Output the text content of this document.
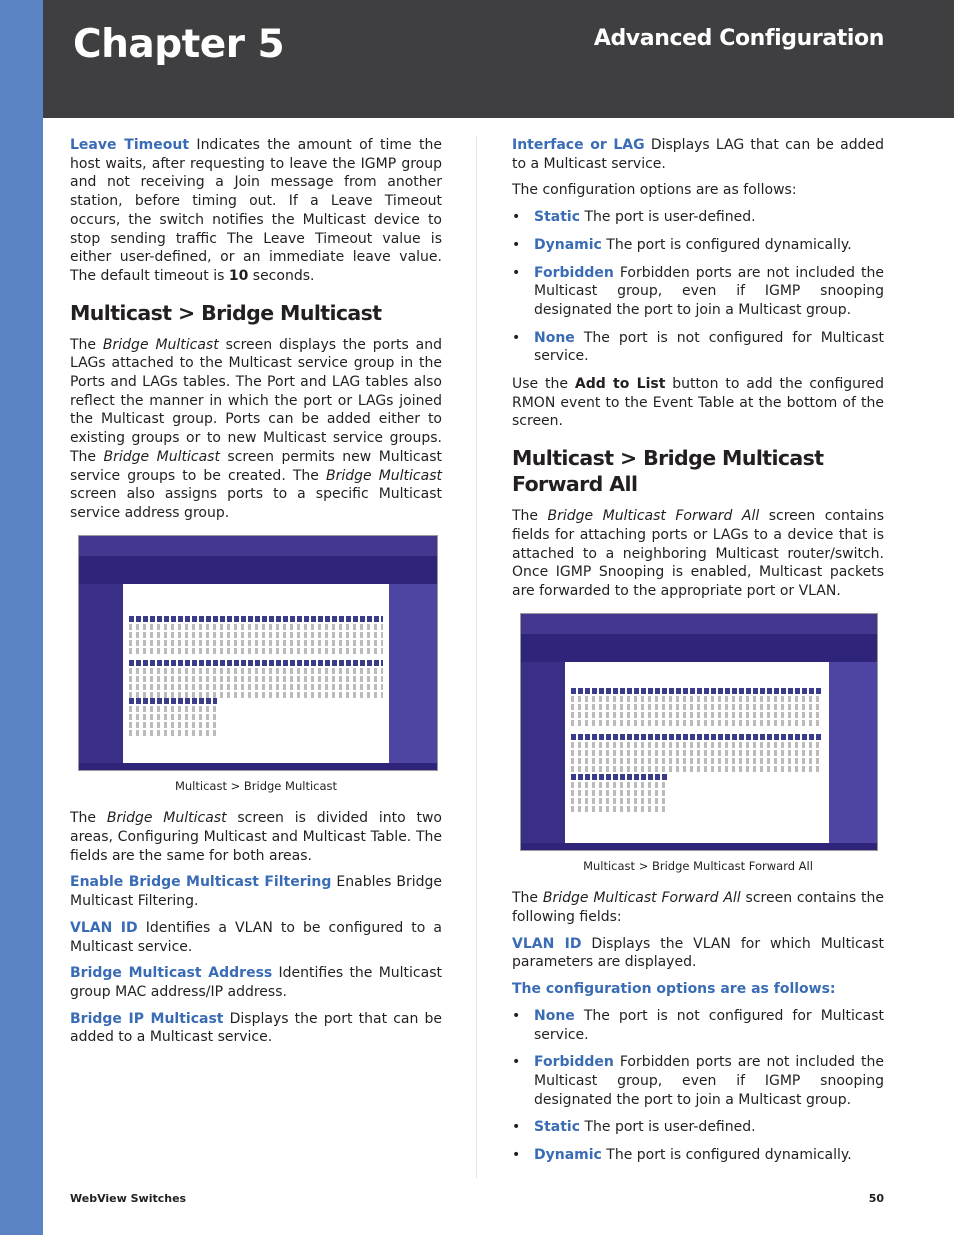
Chapter 5	Advanced Configuration

Leave Timeout Indicates the amount of time the host waits, after requesting to leave the IGMP group and not receiving a Join message from another station, before timing out. If a Leave Timeout occurs, the switch notifies the Multicast device to stop sending traffic The Leave Timeout value is either user-defined, or an immediate leave value. The default timeout is 10 seconds.

Multicast > Bridge Multicast

The Bridge Multicast screen displays the ports and LAGs attached to the Multicast service group in the Ports and LAGs tables. The Port and LAG tables also reflect the manner in which the port or LAGs joined the Multicast group. Ports can be added either to existing groups or to new Multicast service groups. The Bridge Multicast screen permits new Multicast service groups to be created. The Bridge Multicast screen also assigns ports to a specific Multicast service address group.

Multicast > Bridge Multicast

The Bridge Multicast screen is divided into two areas, Configuring Multicast and Multicast Table. The fields are the same for both areas.

Enable Bridge Multicast Filtering Enables Bridge Multicast Filtering.

VLAN ID Identifies a VLAN to be configured to a Multicast service.

Bridge Multicast Address Identifies the Multicast group MAC address/IP address.

Bridge IP Multicast Displays the port that can be added to a Multicast service.

Interface or LAG Displays LAG that can be added to a Multicast service.

The configuration options are as follows:

• Static The port is user-defined.
• Dynamic The port is configured dynamically.
• Forbidden Forbidden ports are not included the Multicast group, even if IGMP snooping designated the port to join a Multicast group.
• None The port is not configured for Multicast service.

Use the Add to List button to add the configured RMON event to the Event Table at the bottom of the screen.

Multicast > Bridge Multicast Forward All

The Bridge Multicast Forward All screen contains fields for attaching ports or LAGs to a device that is attached to a neighboring Multicast router/switch. Once IGMP Snooping is enabled, Multicast packets are forwarded to the appropriate port or VLAN.

Multicast > Bridge Multicast Forward All

The Bridge Multicast Forward All screen contains the following fields:

VLAN ID Displays the VLAN for which Multicast parameters are displayed.

The configuration options are as follows:

• None The port is not configured for Multicast service.
• Forbidden Forbidden ports are not included the Multicast group, even if IGMP snooping designated the port to join a Multicast group.
• Static The port is user-defined.
• Dynamic The port is configured dynamically.
WebView Switches	50
